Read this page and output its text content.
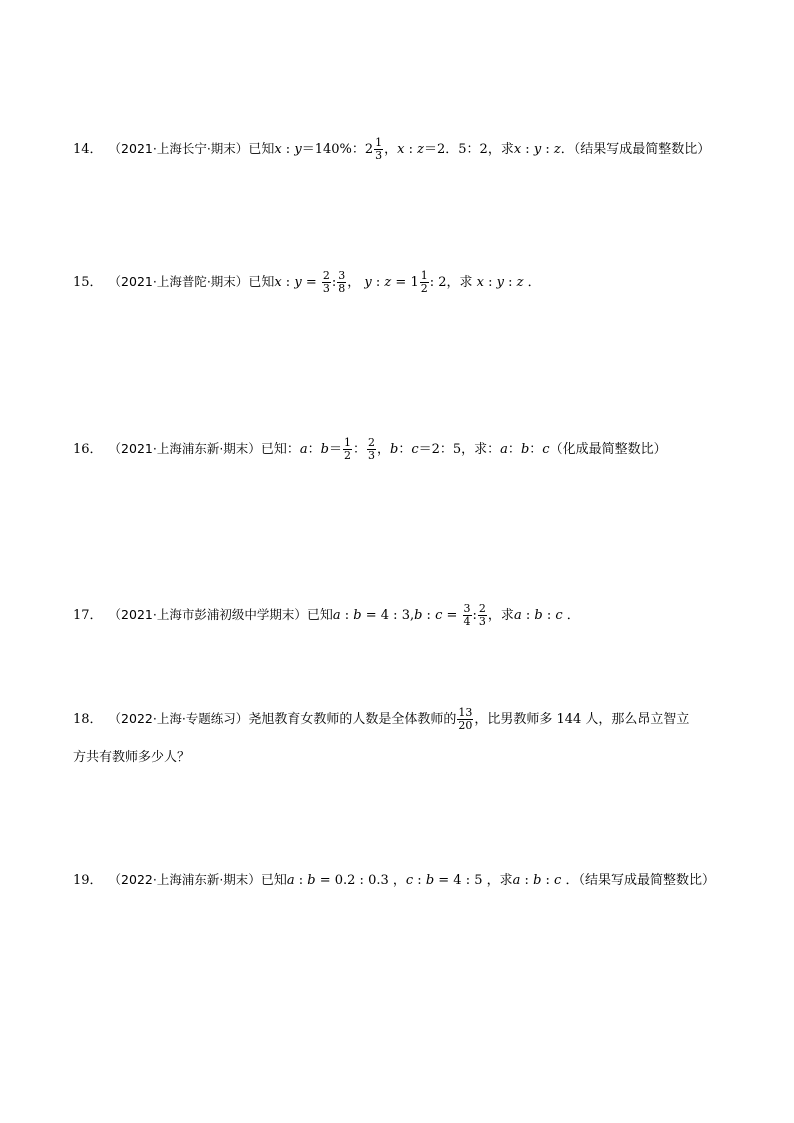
14． （2021·上海长宁·期末）已知x : y＝140%：$2 \frac{1}{3}$ ，x : z＝2．5：2，求x : y : z．（结果写成最简整数比）
15． （2021·上海普陀·期末）已知x : $y = \frac{2}{3}$ : $\frac{3}{8}$ ， y : $z = 1 \frac{1}{2}$ : 2，求 x : y : z ．
16． （2021·上海浦东新·期末）已知：a：$b= \frac{1}{2}$ ： $\frac{2}{3}$ ，b：c＝2：5，求：a：b：c（化成最简整数比）
17． （2021·上海市彭浦初级中学期末）已知a : b = 4 : 3,b : $c = \frac{3}{4}$ : $\frac{2}{3}$ ，求a : b : c ．
18． （2022·上海·专题练习）尧旭教育女教师的人数是全体教师的 $\frac{13}{20}$ ，比男教师多 144 人，那么昂立智立
方共有教师多少人？
19． （2022·上海浦东新·期末）已知a : b = 0.2 : 0.3 ，c : b = 4 : 5 ，求a : b : c ．（结果写成最简整数比）
